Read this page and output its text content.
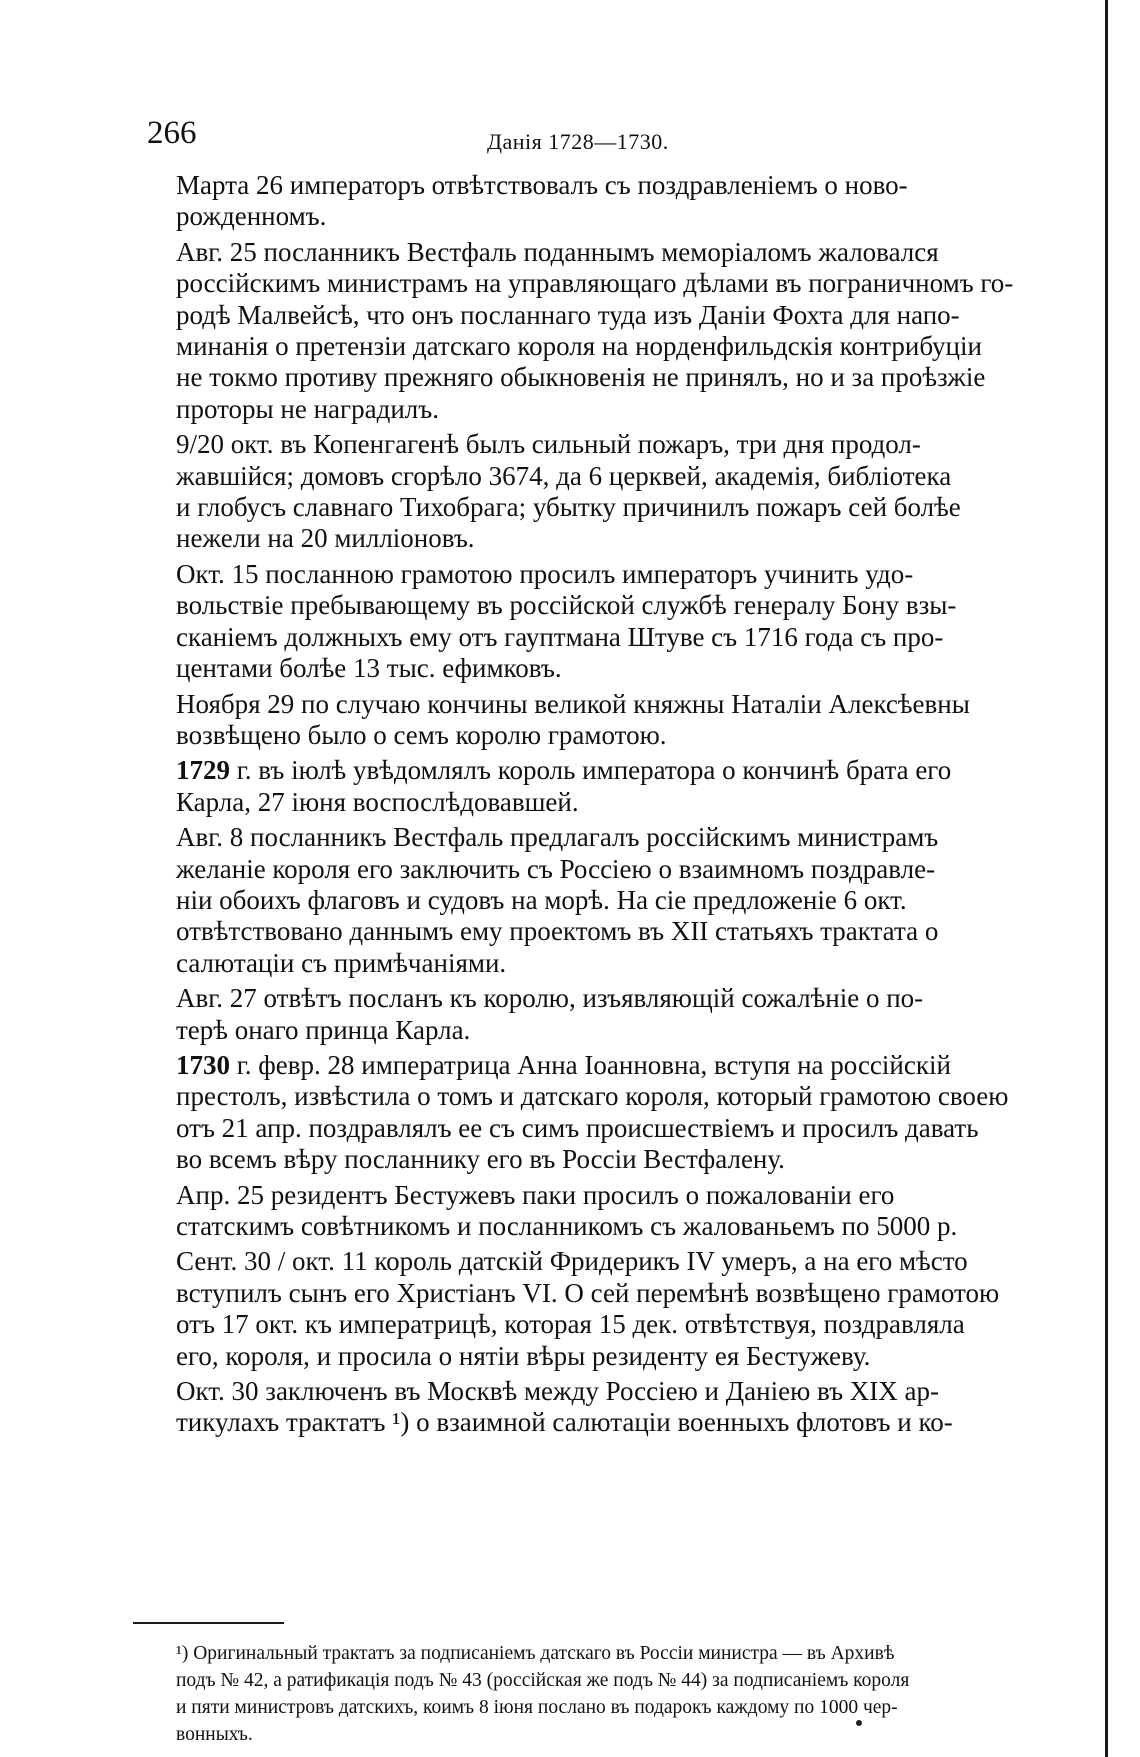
266	Данія 1728—1730.

Марта 26 императоръ отвѣтствовалъ съ поздравленіемъ о ново-
рожденномъ.

Авг. 25 посланникъ Вестфаль поданнымъ меморіаломъ жаловался
россійскимъ министрамъ на управляющаго дѣлами въ пограничномъ го-
родѣ Малвейсѣ, что онъ посланнаго туда изъ Даніи Фохта для напо-
минанія о претензіи датскаго короля на норденфильдскія контрибуціи
не токмо противу прежняго обыкновенія не принялъ, но и за проѣзжіе
проторы не наградилъ.

9/20 окт. въ Копенгагенѣ былъ сильный пожаръ, три дня продол-
жавшійся; домовъ сгорѣло 3674, да 6 церквей, академія, библіотека
и глобусъ славнаго Тихобрага; убытку причинилъ пожаръ сей болѣе
нежели на 20 милліоновъ.

Окт. 15 посланною грамотою просилъ императоръ учинить удо-
вольствіе пребывающему въ россійской службѣ генералу Бону взы-
сканіемъ должныхъ ему отъ гауптмана Штуве съ 1716 года съ про-
центами болѣе 13 тыс. ефимковъ.

Ноября 29 по случаю кончины великой княжны Наталіи Алексѣевны
возвѣщено было о семъ королю грамотою.

1729 г. въ іюлѣ увѣдомлялъ король императора о кончинѣ брата его
Карла, 27 іюня воспослѣдовавшей.

Авг. 8 посланникъ Вестфаль предлагалъ россійскимъ министрамъ
желаніе короля его заключить съ Россіею о взаимномъ поздравле-
ніи обоихъ флаговъ и судовъ на морѣ. На сіе предложеніе 6 окт.
отвѣтствовано даннымъ ему проектомъ въ XII статьяхъ трактата о
салютаціи съ примѣчаніями.

Авг. 27 отвѣтъ посланъ къ королю, изъявляющій сожалѣніе о по-
терѣ онаго принца Карла.

1730 г. февр. 28 императрица Анна Іоанновна, вступя на россійскій
престолъ, извѣстила о томъ и датскаго короля, который грамотою своею
отъ 21 апр. поздравлялъ ее съ симъ происшествіемъ и просилъ давать
во всемъ вѣру посланнику его въ Россіи Вестфалену.

Апр. 25 резидентъ Бестужевъ паки просилъ о пожалованіи его
статскимъ совѣтникомъ и посланникомъ съ жалованьемъ по 5000 р.

Сент. 30 / окт. 11 король датскій Фридерикъ IV умеръ, а на его мѣсто
вступилъ сынъ его Христіанъ VI. О сей перемѣнѣ возвѣщено грамотою
отъ 17 окт. къ императрицѣ, которая 15 дек. отвѣтствуя, поздравляла
его, короля, и просила о нятіи вѣры резиденту ея Бестужеву.

Окт. 30 заключенъ въ Москвѣ между Россіею и Даніею въ XIX ар-
тикулахъ трактатъ ¹) о взаимной салютаціи военныхъ флотовъ и ко-

¹) Оригинальный трактатъ за подписаніемъ датскаго въ Россіи министра — въ Архивѣ
подъ № 42, а ратификація подъ № 43 (россійская же подъ № 44) за подписаніемъ короля
и пяти министровъ датскихъ, коимъ 8 іюня послано въ подарокъ каждому по 1000 чер-
вонныхъ.
